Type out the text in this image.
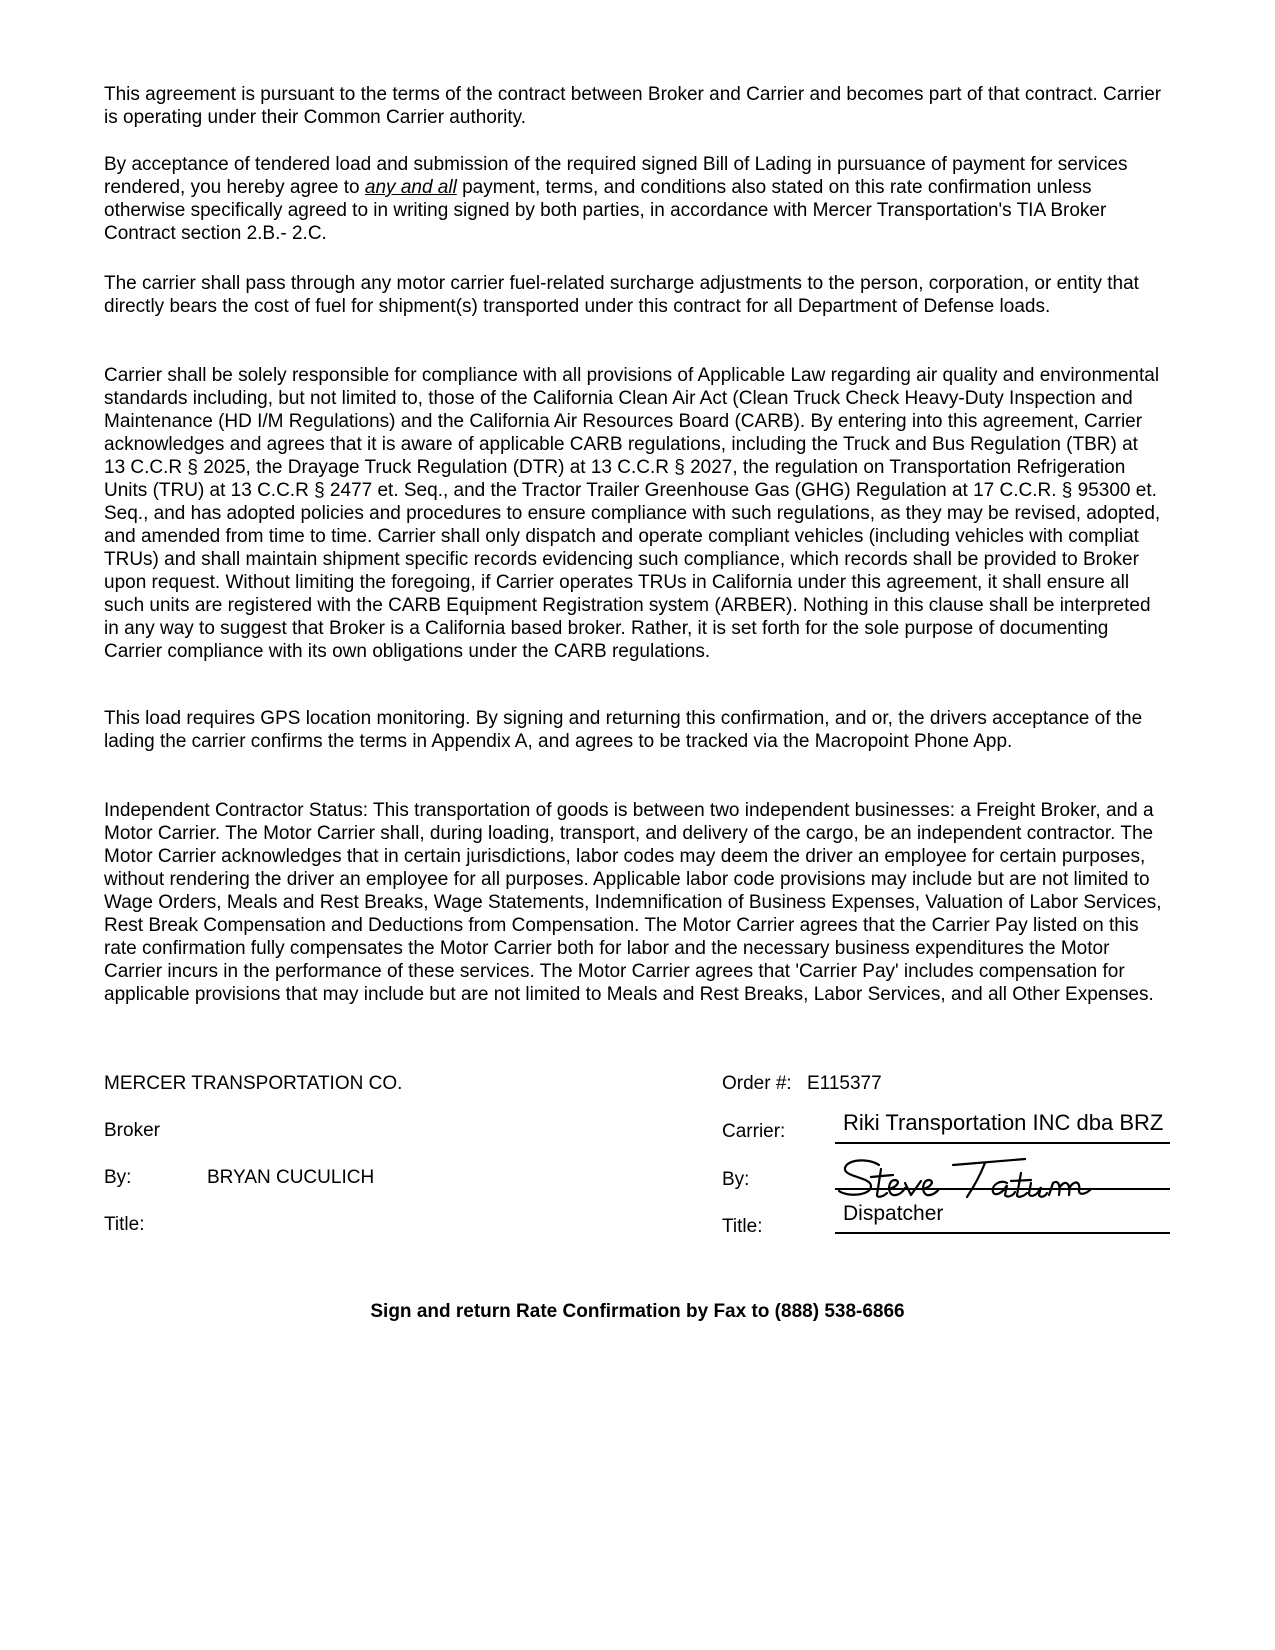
This agreement is pursuant to the terms of the contract between Broker and Carrier and becomes part of that contract. Carrier is operating under their Common Carrier authority.

By acceptance of tendered load and submission of the required signed Bill of Lading in pursuance of payment for services rendered, you hereby agree to any and all payment, terms, and conditions also stated on this rate confirmation unless otherwise specifically agreed to in writing signed by both parties, in accordance with Mercer Transportation's TIA Broker Contract section 2.B.- 2.C.

The carrier shall pass through any motor carrier fuel-related surcharge adjustments to the person, corporation, or entity that directly bears the cost of fuel for shipment(s) transported under this contract for all Department of Defense loads.

Carrier shall be solely responsible for compliance with all provisions of Applicable Law regarding air quality and environmental standards including, but not limited to, those of the California Clean Air Act (Clean Truck Check Heavy-Duty Inspection and Maintenance (HD I/M Regulations) and the California Air Resources Board (CARB). By entering into this agreement, Carrier acknowledges and agrees that it is aware of applicable CARB regulations, including the Truck and Bus Regulation (TBR) at 13 C.C.R § 2025, the Drayage Truck Regulation (DTR) at 13 C.C.R § 2027, the regulation on Transportation Refrigeration Units (TRU) at 13 C.C.R § 2477 et. Seq., and the Tractor Trailer Greenhouse Gas (GHG) Regulation at 17 C.C.R. § 95300 et. Seq., and has adopted policies and procedures to ensure compliance with such regulations, as they may be revised, adopted, and amended from time to time. Carrier shall only dispatch and operate compliant vehicles (including vehicles with compliat TRUs) and shall maintain shipment specific records evidencing such compliance, which records shall be provided to Broker upon request. Without limiting the foregoing, if Carrier operates TRUs in California under this agreement, it shall ensure all such units are registered with the CARB Equipment Registration system (ARBER). Nothing in this clause shall be interpreted in any way to suggest that Broker is a California based broker. Rather, it is set forth for the sole purpose of documenting Carrier compliance with its own obligations under the CARB regulations.

This load requires GPS location monitoring. By signing and returning this confirmation, and or, the drivers acceptance of the lading the carrier confirms the terms in Appendix A, and agrees to be tracked via the Macropoint Phone App.

Independent Contractor Status: This transportation of goods is between two independent businesses: a Freight Broker, and a Motor Carrier. The Motor Carrier shall, during loading, transport, and delivery of the cargo, be an independent contractor. The Motor Carrier acknowledges that in certain jurisdictions, labor codes may deem the driver an employee for certain purposes, without rendering the driver an employee for all purposes. Applicable labor code provisions may include but are not limited to Wage Orders, Meals and Rest Breaks, Wage Statements, Indemnification of Business Expenses, Valuation of Labor Services, Rest Break Compensation and Deductions from Compensation. The Motor Carrier agrees that the Carrier Pay listed on this rate confirmation fully compensates the Motor Carrier both for labor and the necessary business expenditures the Motor Carrier incurs in the performance of these services. The Motor Carrier agrees that 'Carrier Pay' includes compensation for applicable provisions that may include but are not limited to Meals and Rest Breaks, Labor Services, and all Other Expenses.

MERCER TRANSPORTATION CO.
Broker
By:	BRYAN CUCULICH
Title:
Order #: E115377
Carrier:	Riki Transportation INC dba BRZ
By:
Title:
Dispatcher
Sign and return Rate Confirmation by Fax to (888) 538-6866
